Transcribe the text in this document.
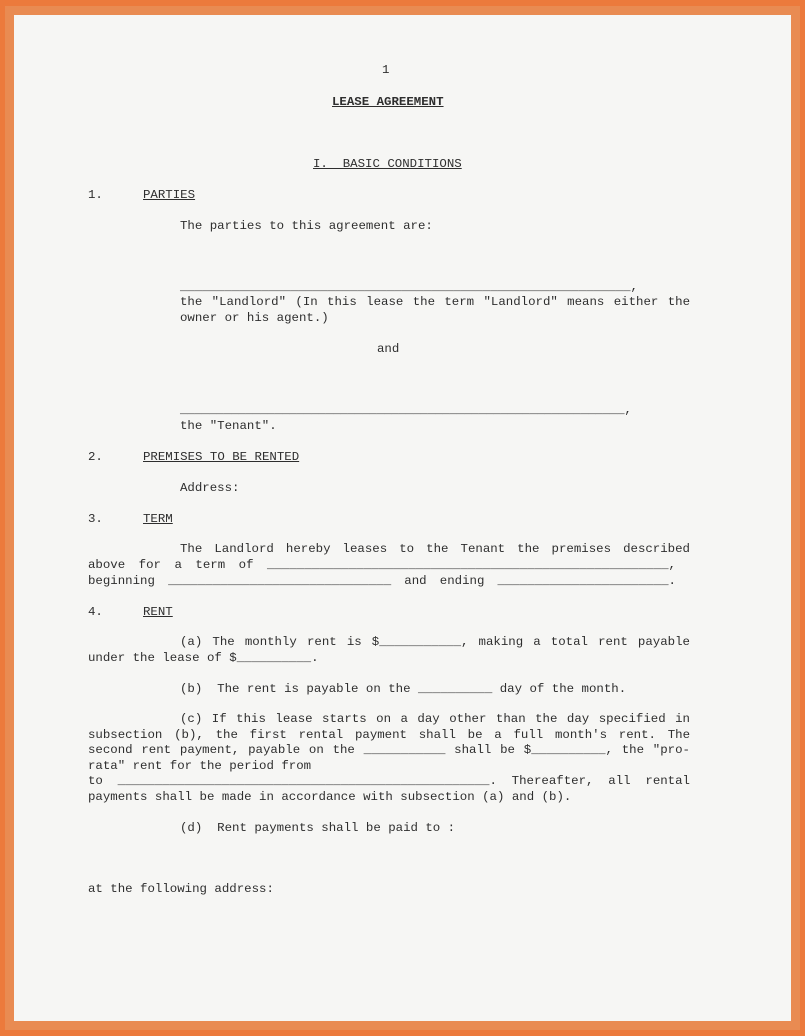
1
LEASE AGREEMENT
I.  BASIC CONDITIONS
1.	PARTIES
The parties to this agreement are:
_____________________________________________________________,
the "Landlord" (In this lease the term "Landlord" means either the
owner or his agent.)
and
_____________________________________________________________,
the "Tenant".
2.	PREMISES TO BE RENTED
Address:
3.	TERM
The Landlord hereby leases to the Tenant the premises described
above for a term of ______________________________________________________,
beginning ______________________________ and ending _______________________.
4.	RENT
(a) The monthly rent is $___________, making a total rent payable
under the lease of $__________.
(b)  The rent is payable on the __________ day of the month.
(c) If this lease starts on a day other than the day specified in
subsection (b), the first rental payment shall be a full month's rent. The
second rent payment, payable on the ___________ shall be $__________, the "pro-
rata" rent for the period from
to __________________________________________________. Thereafter, all rental
payments shall be made in accordance with subsection (a) and (b).
(d)  Rent payments shall be paid to :
at the following address:
